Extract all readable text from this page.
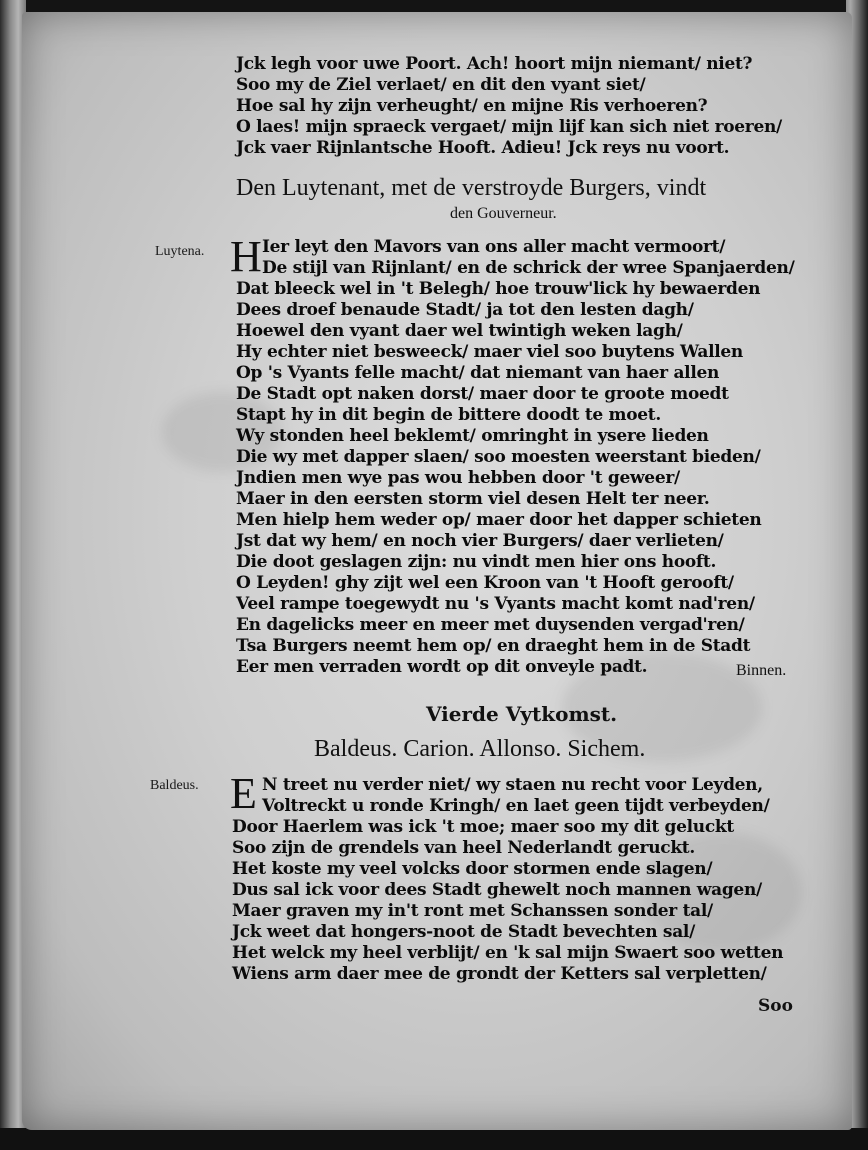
Jck legh voor uwe Poort. Ach! hoort mijn niemant/ niet?
Soo my de Ziel verlaet/ en dit den vyant siet/
Hoe sal hy zijn verheught/ en mijne Ris verhoeren?
O laes! mijn spraeck vergaet/ mijn lijf kan sich niet roeren/
Jck vaer Rijnlantsche Hooft. Adieu! Jck reys nu voort.
Den Luytenant, met de verstroyde Burgers, vindt
den Gouverneur.
Luytena. H Ier leyt den Mavors van ons aller macht vermoort/
De stijl van Rijnlant/ en de schrick der wree Spanjaerden/
Dat bleeck wel in 't Belegh/ hoe trouw'lick hy bewaerden
Dees droef benaude Stadt/ ja tot den lesten dagh/
Hoewel den vyant daer wel twintigh weken lagh/
Hy echter niet besweeck/ maer viel soo buytens Wallen
Op 's Vyants felle macht/ dat niemant van haer allen
De Stadt opt naken dorst/ maer door te groote moedt
Stapt hy in dit begin de bittere doodt te moet.
Wy stonden heel beklemt/ omringht in ysere lieden
Die wy met dapper slaen/ soo moesten weerstant bieden/
Jndien men wye pas wou hebben door 't geweer/
Maer in den eersten storm viel desen Helt ter neer.
Men hielp hem weder op/ maer door het dapper schieten
Jst dat wy hem/ en noch vier Burgers/ daer verlieten/
Die doot geslagen zijn: nu vindt men hier ons hooft.
O Leyden! ghy zijt wel een Kroon van 't Hooft gerooft/
Veel rampe toegewydt nu 's Vyants macht komt nad'ren/
En dagelicks meer en meer met duysenden vergad'ren/
Tsa Burgers neemt hem op/ en draeght hem in de Stadt
Eer men verraden wordt op dit onveyle padt.	Binnen.
Vierde Vytkomst.
Baldeus. Carion. Allonso. Sichem.
Baldeus. E N treet nu verder niet/ wy staen nu recht voor Leyden,
Voltreckt u ronde Kringh/ en laet geen tijdt verbeyden/
Door Haerlem was ick 't moe; maer soo my dit geluckt
Soo zijn de grendels van heel Nederlandt geruckt.
Het koste my veel volcks door stormen ende slagen/
Dus sal ick voor dees Stadt ghewelt noch mannen wagen/
Maer graven my in't ront met Schanssen sonder tal/
Jck weet dat hongers-noot de Stadt bevechten sal/
Het welck my heel verblijt/ en 'k sal mijn Swaert soo wetten
Wiens arm daer mee de grondt der Ketters sal verpletten/
Soo
